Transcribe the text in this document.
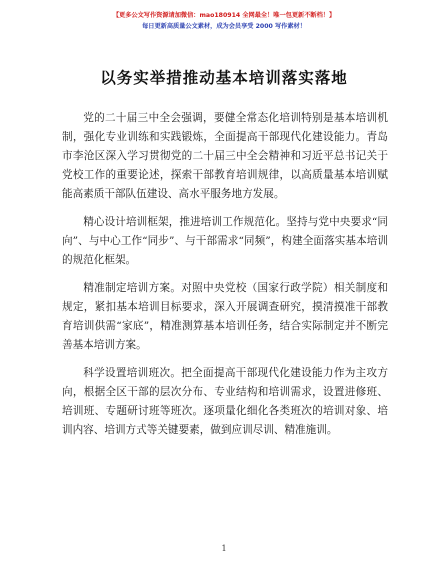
【更多公文写作资源请加微信：mao180914 全网最全！唯一包更新不断档！】
每日更新高质量公文素材，成为会员享受 2000 写作素材！
以务实举措推动基本培训落实落地

党的二十届三中全会强调，要健全常态化培训特别是基本培训机制，强化专业训练和实践锻炼，全面提高干部现代化建设能力。青岛市李沧区深入学习贯彻党的二十届三中全会精神和习近平总书记关于党校工作的重要论述，探索干部教育培训规律，以高质量基本培训赋能高素质干部队伍建设、高水平服务地方发展。

精心设计培训框架，推进培训工作规范化。坚持与党中央要求“同向”、与中心工作“同步”、与干部需求“同频”，构建全面落实基本培训的规范化框架。

精准制定培训方案。对照中央党校（国家行政学院）相关制度和规定，紧扣基本培训目标要求，深入开展调查研究，摸清摸准干部教育培训供需“家底”，精准测算基本培训任务，结合实际制定并不断完善基本培训方案。

科学设置培训班次。把全面提高干部现代化建设能力作为主攻方向，根据全区干部的层次分布、专业结构和培训需求，设置进修班、培训班、专题研讨班等班次。逐项量化细化各类班次的培训对象、培训内容、培训方式等关键要素，做到应训尽训、精准施训。

1
